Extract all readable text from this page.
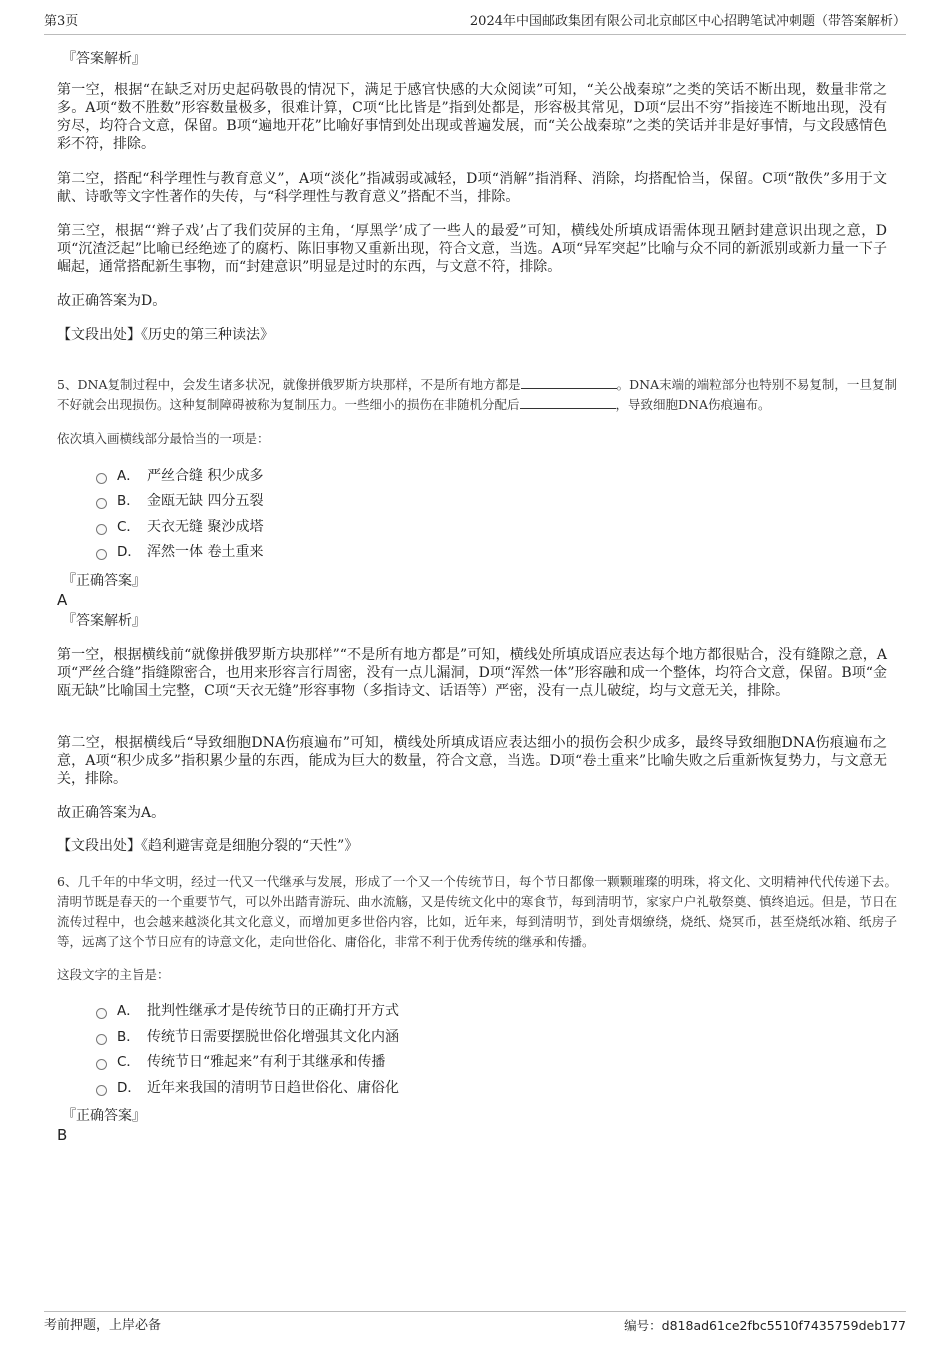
第3页	2024年中国邮政集团有限公司北京邮区中心招聘笔试冲刺题（带答案解析）
『答案解析』

第一空，根据“在缺乏对历史起码敬畏的情况下，满足于感官快感的大众阅读”可知，“关公战秦琼”之类的笑话不断出现，数量非常之多。A项“数不胜数”形容数量极多，很难计算，C项“比比皆是”指到处都是，形容极其常见，D项“层出不穷”指接连不断地出现，没有穷尽，均符合文意，保留。B项“遍地开花”比喻好事情到处出现或普遍发展，而“关公战秦琼”之类的笑话并非是好事情，与文段感情色彩不符，排除。

第二空，搭配“科学理性与教育意义”，A项“淡化”指减弱或减轻，D项“消解”指消释、消除，均搭配恰当，保留。C项“散佚”多用于文献、诗歌等文字性著作的失传，与“科学理性与教育意义”搭配不当，排除。

第三空，根据“‘辫子戏’占了我们荧屏的主角，‘厚黑学’成了一些人的最爱”可知，横线处所填成语需体现丑陋封建意识出现之意，D项“沉渣泛起”比喻已经绝迹了的腐朽、陈旧事物又重新出现，符合文意，当选。A项“异军突起”比喻与众不同的新派别或新力量一下子崛起，通常搭配新生事物，而“封建意识”明显是过时的东西，与文意不符，排除。

故正确答案为D。

【文段出处】《历史的第三种读法》

5、DNA复制过程中，会发生诸多状况，就像拼俄罗斯方块那样，不是所有地方都是	。DNA末端的端粒部分也特别不易复制，一旦复制不好就会出现损伤。这种复制障碍被称为复制压力。一些细小的损伤在非随机分配后	，导致细胞DNA伤痕遍布。

依次填入画横线部分最恰当的一项是：
A． 严丝合缝 积少成多
B． 金瓯无缺 四分五裂
C． 天衣无缝 聚沙成塔
D． 浑然一体 卷土重来
『正确答案』
A
『答案解析』

第一空，根据横线前“就像拼俄罗斯方块那样”“不是所有地方都是”可知，横线处所填成语应表达每个地方都很贴合，没有缝隙之意，A项“严丝合缝”指缝隙密合，也用来形容言行周密，没有一点儿漏洞，D项“浑然一体”形容融和成一个整体，均符合文意，保留。B项“金瓯无缺”比喻国土完整，C项“天衣无缝”形容事物（多指诗文、话语等）严密，没有一点儿破绽，均与文意无关，排除。

第二空，根据横线后“导致细胞DNA伤痕遍布”可知，横线处所填成语应表达细小的损伤会积少成多，最终导致细胞DNA伤痕遍布之意，A项“积少成多”指积累少量的东西，能成为巨大的数量，符合文意，当选。D项“卷土重来”比喻失败之后重新恢复势力，与文意无关，排除。

故正确答案为A。

【文段出处】《趋利避害竟是细胞分裂的“天性”》

6、几千年的中华文明，经过一代又一代继承与发展，形成了一个又一个传统节日，每个节日都像一颗颗璀璨的明珠，将文化、文明精神代代传递下去。清明节既是春天的一个重要节气，可以外出踏青游玩、曲水流觞，又是传统文化中的寒食节，每到清明节，家家户户礼敬祭奠、慎终追远。但是，节日在流传过程中，也会越来越淡化其文化意义，而增加更多世俗内容，比如，近年来，每到清明节，到处青烟缭绕，烧纸、烧冥币，甚至烧纸冰箱、纸房子等，远离了这个节日应有的诗意文化，走向世俗化、庸俗化，非常不利于优秀传统的继承和传播。

这段文字的主旨是：
A． 批判性继承才是传统节日的正确打开方式
B． 传统节日需要摆脱世俗化增强其文化内涵
C． 传统节日“雅起来”有利于其继承和传播
D． 近年来我国的清明节日趋世俗化、庸俗化
『正确答案』
B
考前押题，上岸必备	编号：d818ad61ce2fbc5510f7435759deb177
